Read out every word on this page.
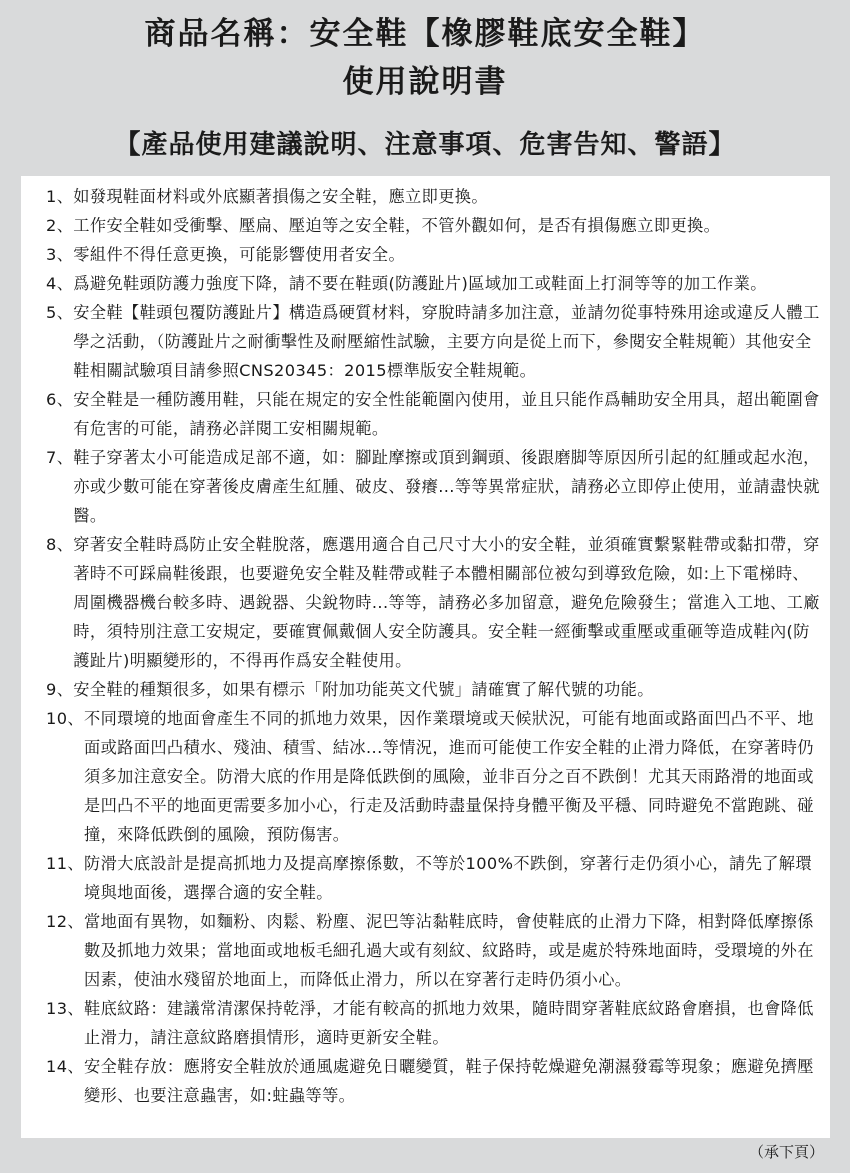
商品名稱：安全鞋【橡膠鞋底安全鞋】
使用說明書
【產品使用建議說明、注意事項、危害告知、警語】
1、 如發現鞋面材料或外底顯著損傷之安全鞋，應立即更換。
2、 工作安全鞋如受衝擊、壓扁、壓迫等之安全鞋，不管外觀如何，是否有損傷應立即更換。
3、 零組件不得任意更換，可能影響使用者安全。
4、 爲避免鞋頭防護力強度下降，請不要在鞋頭(防護趾片)區域加工或鞋面上打洞等等的加工作業。
5、 安全鞋【鞋頭包覆防護趾片】構造爲硬質材料，穿脫時請多加注意，並請勿從事特殊用途或違反人體工學之活動，（防護趾片之耐衝擊性及耐壓縮性試驗，主要方向是從上而下，參閱安全鞋規範）其他安全鞋相關試驗項目請參照CNS20345：2015標準版安全鞋規範。
6、 安全鞋是一種防護用鞋，只能在規定的安全性能範圍內使用，並且只能作爲輔助安全用具，超出範圍會有危害的可能，請務必詳閱工安相關規範。
7、 鞋子穿著太小可能造成足部不適，如：腳趾摩擦或頂到鋼頭、後跟磨脚等原因所引起的紅腫或起水泡，亦或少數可能在穿著後皮膚產生紅腫、破皮、發癢...等等異常症狀，請務必立即停止使用，並請盡快就醫。
8、 穿著安全鞋時爲防止安全鞋脫落，應選用適合自己尺寸大小的安全鞋，並須確實繫緊鞋帶或黏扣帶，穿著時不可踩扁鞋後跟，也要避免安全鞋及鞋帶或鞋子本體相關部位被勾到導致危險，如:上下電梯時、周圍機器機台較多時、遇銳器、尖銳物時...等等，請務必多加留意，避免危險發生；當進入工地、工廠時，須特別注意工安規定，要確實佩戴個人安全防護具。安全鞋一經衝擊或重壓或重砸等造成鞋內(防護趾片)明顯變形的，不得再作爲安全鞋使用。
9、 安全鞋的種類很多，如果有標示「附加功能英文代號」請確實了解代號的功能。
10、 不同環境的地面會產生不同的抓地力效果，因作業環境或天候狀況，可能有地面或路面凹凸不平、地面或路面凹凸積水、殘油、積雪、結冰...等情況，進而可能使工作安全鞋的止滑力降低，在穿著時仍須多加注意安全。防滑大底的作用是降低跌倒的風險，並非百分之百不跌倒！尤其天雨路滑的地面或是凹凸不平的地面更需要多加小心，行走及活動時盡量保持身體平衡及平穩、同時避免不當跑跳、碰撞，來降低跌倒的風險，預防傷害。
11、 防滑大底設計是提高抓地力及提高摩擦係數，不等於100%不跌倒，穿著行走仍須小心，請先了解環境與地面後，選擇合適的安全鞋。
12、 當地面有異物，如麵粉、肉鬆、粉塵、泥巴等沾黏鞋底時，會使鞋底的止滑力下降，相對降低摩擦係數及抓地力效果；當地面或地板毛細孔過大或有刻紋、紋路時，或是處於特殊地面時，受環境的外在因素，使油水殘留於地面上，而降低止滑力，所以在穿著行走時仍須小心。
13、 鞋底紋路：建議常清潔保持乾淨，才能有較高的抓地力效果，隨時間穿著鞋底紋路會磨損，也會降低止滑力，請注意紋路磨損情形，適時更新安全鞋。
14、 安全鞋存放：應將安全鞋放於通風處避免日曬變質，鞋子保持乾燥避免潮濕發霉等現象；應避免擠壓變形、也要注意蟲害，如:蛀蟲等等。
（承下頁）
